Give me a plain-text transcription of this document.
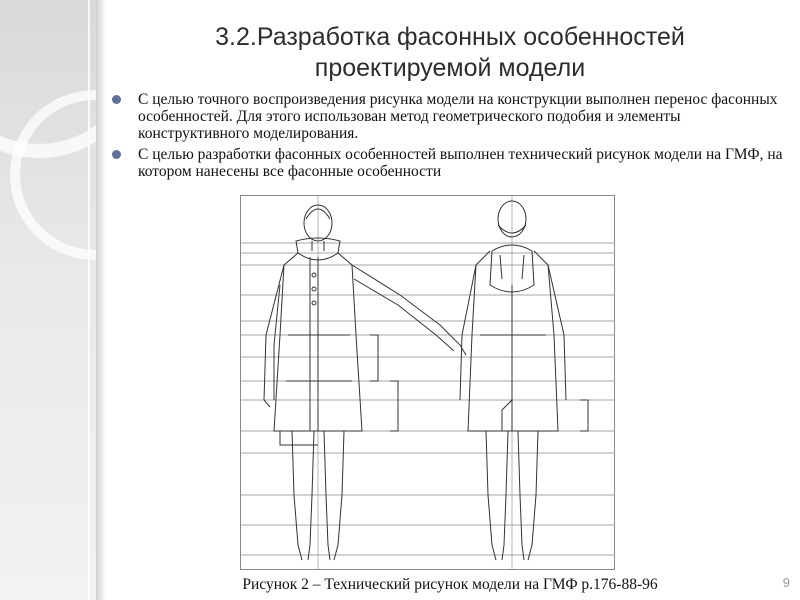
3.2.Разработка фасонных особенностей проектируемой модели
С целью точного воспроизведения рисунка модели на конструкции выполнен перенос фасонных особенностей. Для этого использован метод геометрического подобия и элементы конструктивного моделирования.
С целью разработки фасонных особенностей выполнен технический рисунок модели на ГМФ, на котором нанесены все фасонные особенности
Рисунок 2 – Технический рисунок модели на ГМФ р.176-88-96	9
